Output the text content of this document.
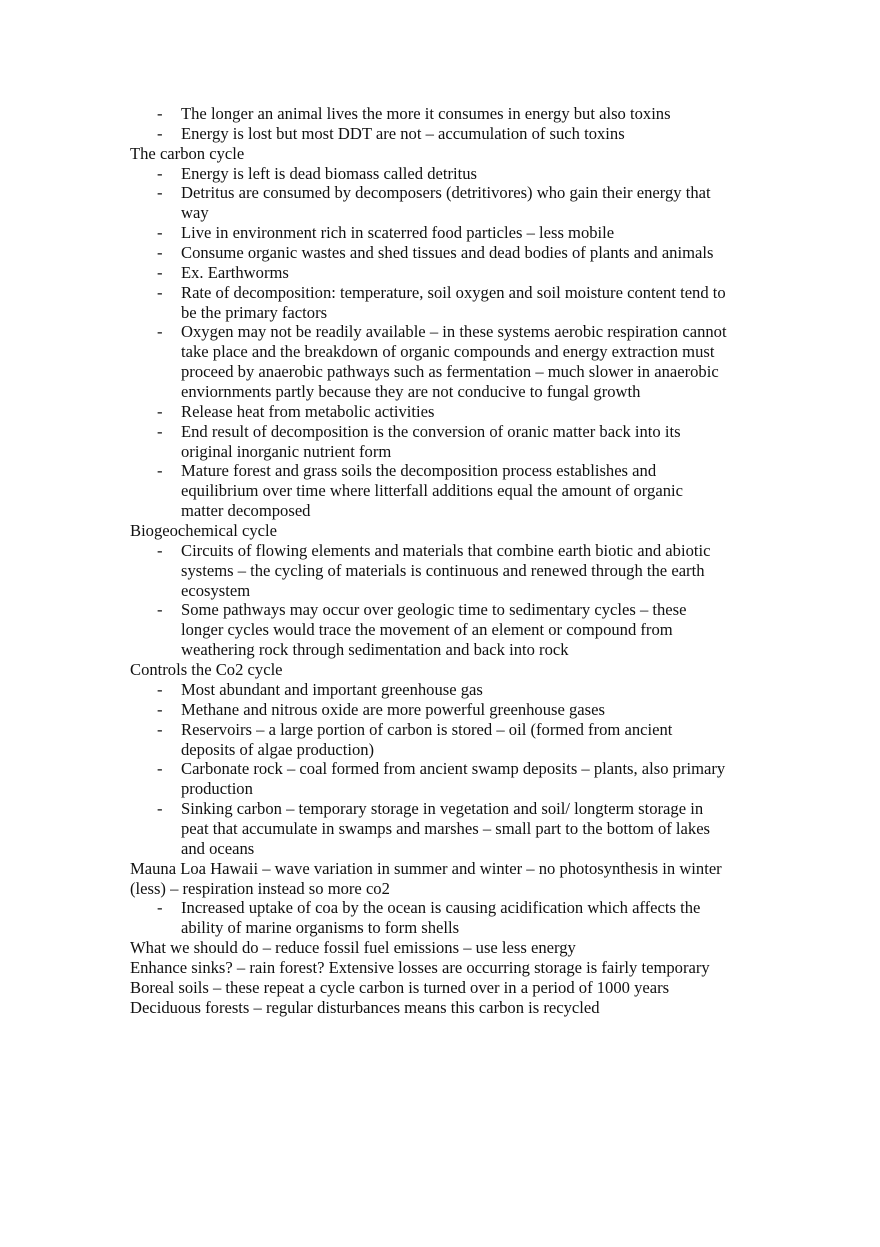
- The longer an animal lives the more it consumes in energy but also toxins
- Energy is lost but most DDT are not – accumulation of such toxins
The carbon cycle
- Energy is left is dead biomass called detritus
- Detritus are consumed by decomposers (detritivores) who gain their energy that
way
- Live in environment rich in scaterred food particles – less mobile
- Consume organic wastes and shed tissues and dead bodies of plants and animals
- Ex. Earthworms
- Rate of decomposition: temperature, soil oxygen and soil moisture content tend to
be the primary factors
- Oxygen may not be readily available – in these systems aerobic respiration cannot
take place and the breakdown of organic compounds and energy extraction must
proceed by anaerobic pathways such as fermentation – much slower in anaerobic
enviornments partly because they are not conducive to fungal growth
- Release heat from metabolic activities
- End result of decomposition is the conversion of oranic matter back into its
original inorganic nutrient form
- Mature forest and grass soils the decomposition process establishes and
equilibrium over time where litterfall additions equal the amount of organic
matter decomposed
Biogeochemical cycle
- Circuits of flowing elements and materials that combine earth biotic and abiotic
systems – the cycling of materials is continuous and renewed through the earth
ecosystem
- Some pathways may occur over geologic time to sedimentary cycles – these
longer cycles would trace the movement of an element or compound from
weathering rock through sedimentation and back into rock
Controls the Co2 cycle
- Most abundant and important greenhouse gas
- Methane and nitrous oxide are more powerful greenhouse gases
- Reservoirs – a large portion of carbon is stored – oil (formed from ancient
deposits of algae production)
- Carbonate rock – coal formed from ancient swamp deposits – plants, also primary
production
- Sinking carbon – temporary storage in vegetation and soil/ longterm storage in
peat that accumulate in swamps and marshes – small part to the bottom of lakes
and oceans
Mauna Loa Hawaii – wave variation in summer and winter – no photosynthesis in winter
(less) – respiration instead so more co2
- Increased uptake of coa by the ocean is causing acidification which affects the
ability of marine organisms to form shells
What we should do – reduce fossil fuel emissions – use less energy
Enhance sinks? – rain forest? Extensive losses are occurring storage is fairly temporary
Boreal soils – these repeat a cycle carbon is turned over in a period of 1000 years
Deciduous forests – regular disturbances means this carbon is recycled
